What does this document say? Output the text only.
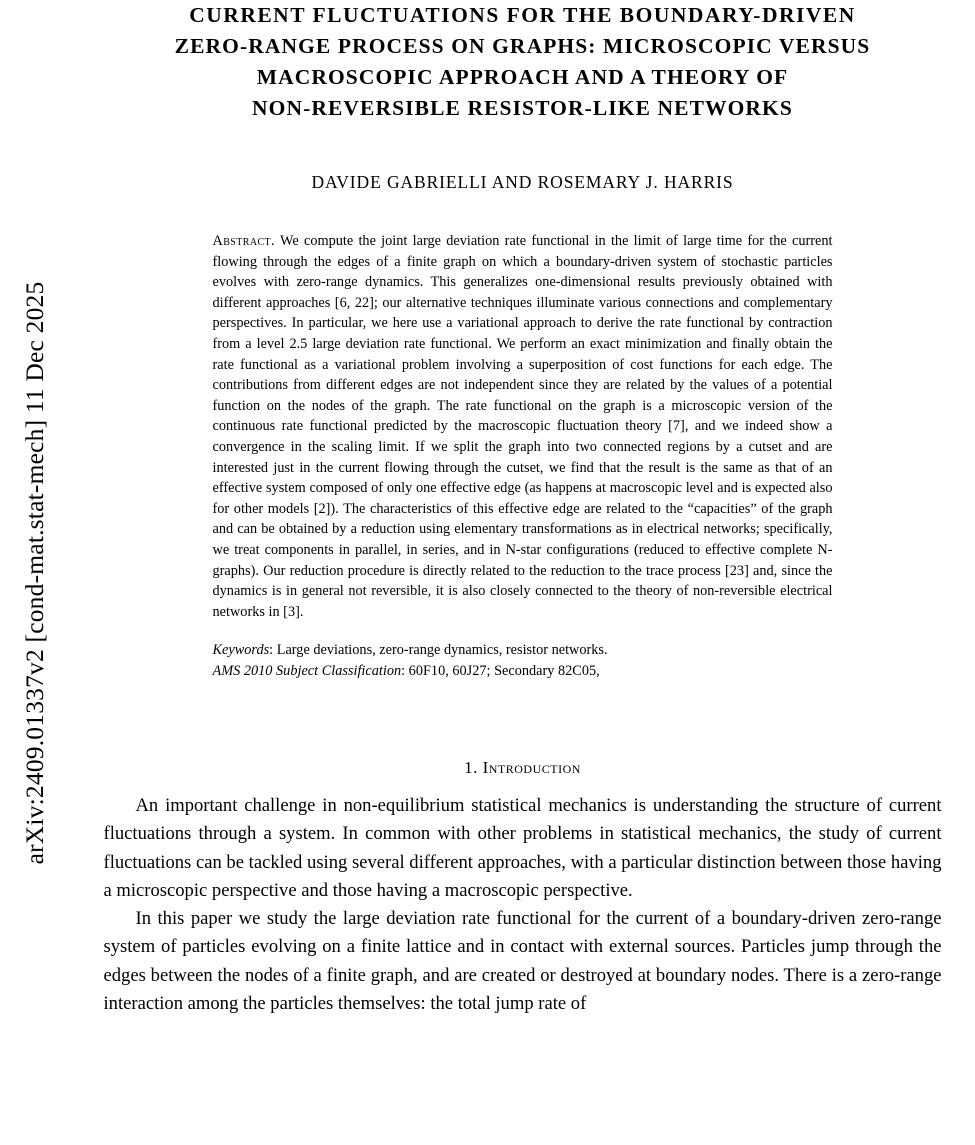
arXiv:2409.01337v2 [cond-mat.stat-mech] 11 Dec 2025
CURRENT FLUCTUATIONS FOR THE BOUNDARY-DRIVEN
ZERO-RANGE PROCESS ON GRAPHS: MICROSCOPIC VERSUS
MACROSCOPIC APPROACH AND A THEORY OF
NON-REVERSIBLE RESISTOR-LIKE NETWORKS
DAVIDE GABRIELLI AND ROSEMARY J. HARRIS
Abstract. We compute the joint large deviation rate functional in the limit of large time for the current flowing through the edges of a finite graph on which a boundary-driven system of stochastic particles evolves with zero-range dynamics. This generalizes one-dimensional results previously obtained with different approaches [6, 22]; our alternative techniques illuminate various connections and complementary perspectives. In particular, we here use a variational approach to derive the rate functional by contraction from a level 2.5 large deviation rate functional. We perform an exact minimization and finally obtain the rate functional as a variational problem involving a superposition of cost functions for each edge. The contributions from different edges are not independent since they are related by the values of a potential function on the nodes of the graph. The rate functional on the graph is a microscopic version of the continuous rate functional predicted by the macroscopic fluctuation theory [7], and we indeed show a convergence in the scaling limit. If we split the graph into two connected regions by a cutset and are interested just in the current flowing through the cutset, we find that the result is the same as that of an effective system composed of only one effective edge (as happens at macroscopic level and is expected also for other models [2]). The characteristics of this effective edge are related to the “capacities” of the graph and can be obtained by a reduction using elementary transformations as in electrical networks; specifically, we treat components in parallel, in series, and in N-star configurations (reduced to effective complete N-graphs). Our reduction procedure is directly related to the reduction to the trace process [23] and, since the dynamics is in general not reversible, it is also closely connected to the theory of non-reversible electrical networks in [3].
Keywords: Large deviations, zero-range dynamics, resistor networks.
AMS 2010 Subject Classification: 60F10, 60J27; Secondary 82C05,
1. Introduction

An important challenge in non-equilibrium statistical mechanics is understanding the structure of current fluctuations through a system. In common with other problems in statistical mechanics, the study of current fluctuations can be tackled using several different approaches, with a particular distinction between those having a microscopic perspective and those having a macroscopic perspective.

In this paper we study the large deviation rate functional for the current of a boundary-driven zero-range system of particles evolving on a finite lattice and in contact with external sources. Particles jump through the edges between the nodes of a finite graph, and are created or destroyed at boundary nodes. There is a zero-range interaction among the particles themselves: the total jump rate of
